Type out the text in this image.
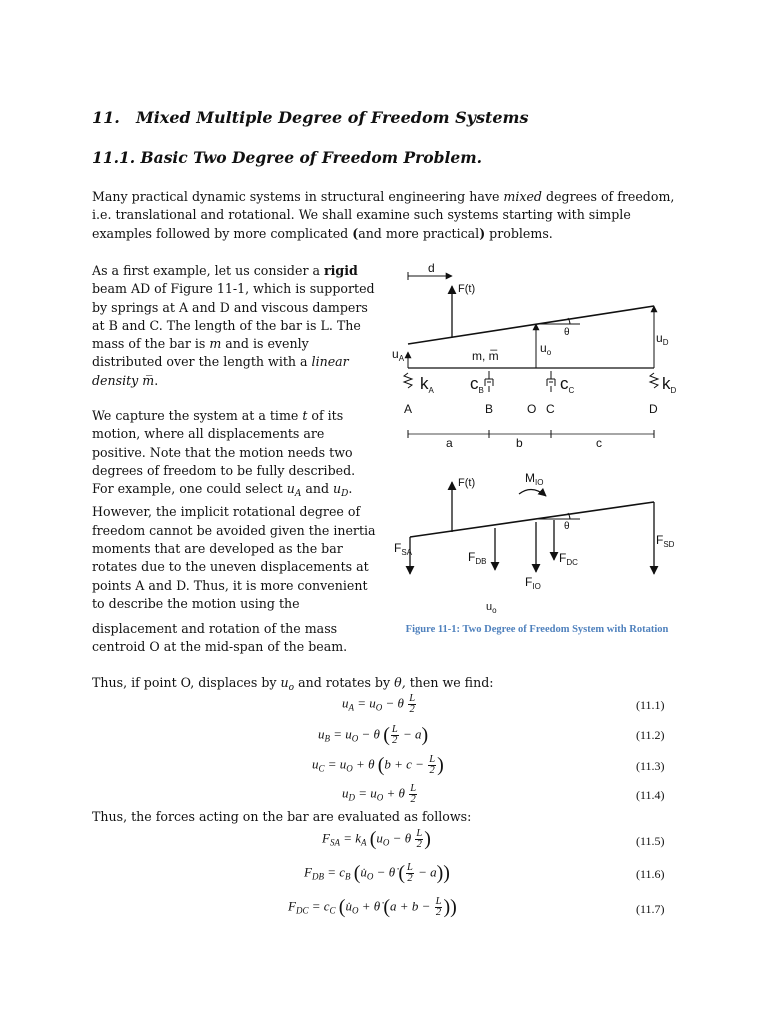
11. Mixed Multiple Degree of Freedom Systems
11.1. Basic Two Degree of Freedom Problem.
Many practical dynamic systems in structural engineering have mixed degrees of freedom, i.e. translational and rotational. We shall examine such systems starting with simple examples followed by more complicated (and more practical) problems.
As a first example, let us consider a rigid beam AD of Figure 11-1, which is supported by springs at A and D and viscous dampers at B and C. The length of the bar is L. The mass of the bar is m and is evenly distributed over the length with a linear density m̅.
We capture the system at a time t of its motion, where all displacements are positive. Note that the motion needs two degrees of freedom to be fully described. For example, one could select $u_A$ and $u_D$. However, the implicit rotational degree of freedom cannot be avoided given the inertia moments that are developed as the bar rotates due to the uneven displacements at points A and D. Thus, it is more convenient to describe the motion using the
displacement and rotation of the mass centroid O at the mid-span of the beam.
d
F(t)
θ
$u_A$
$u_D$
$u_o$
m, m̅
$k_A$ $c_B$	$c_C$	$k_D$
A	B	O C	D
a	b	c
F(t)	$M_{IO}$
θ
$F_{SA}$	$F_{DB}$	$F_{DC}$
$F_{IO}$
$F_{SD}$
$u_o$
Figure 11-1: Two Degree of Freedom System with Rotation
Thus, if point O, displaces by $u_o$ and rotates by θ, then we find:
$u_A = u_O - \theta \frac{L}{2}$	(11.1)
$u_B = u_O - \theta$ ( $\frac{L}{2} - a$)	(11.2)
$u_C = u_O + \theta$ ($b + c - \frac{L}{2}$ )	(11.3)
$u_D = u_O + \theta \frac{L}{2}$	(11.4)
Thus, the forces acting on the bar are evaluated as follows:
$F_{SA} = k_A$ ($u_O - \theta \frac{L}{2}$ )	(11.5)
$F_{DB} = c_B$ ($u̇_O$ − θ̇ ( $\frac{L}{2} - a$))	(11.6)
$F_{DC} = c_C$ ($u̇_O$ + θ̇ ($a + b - \frac{L}{2}$ ))	(11.7)
